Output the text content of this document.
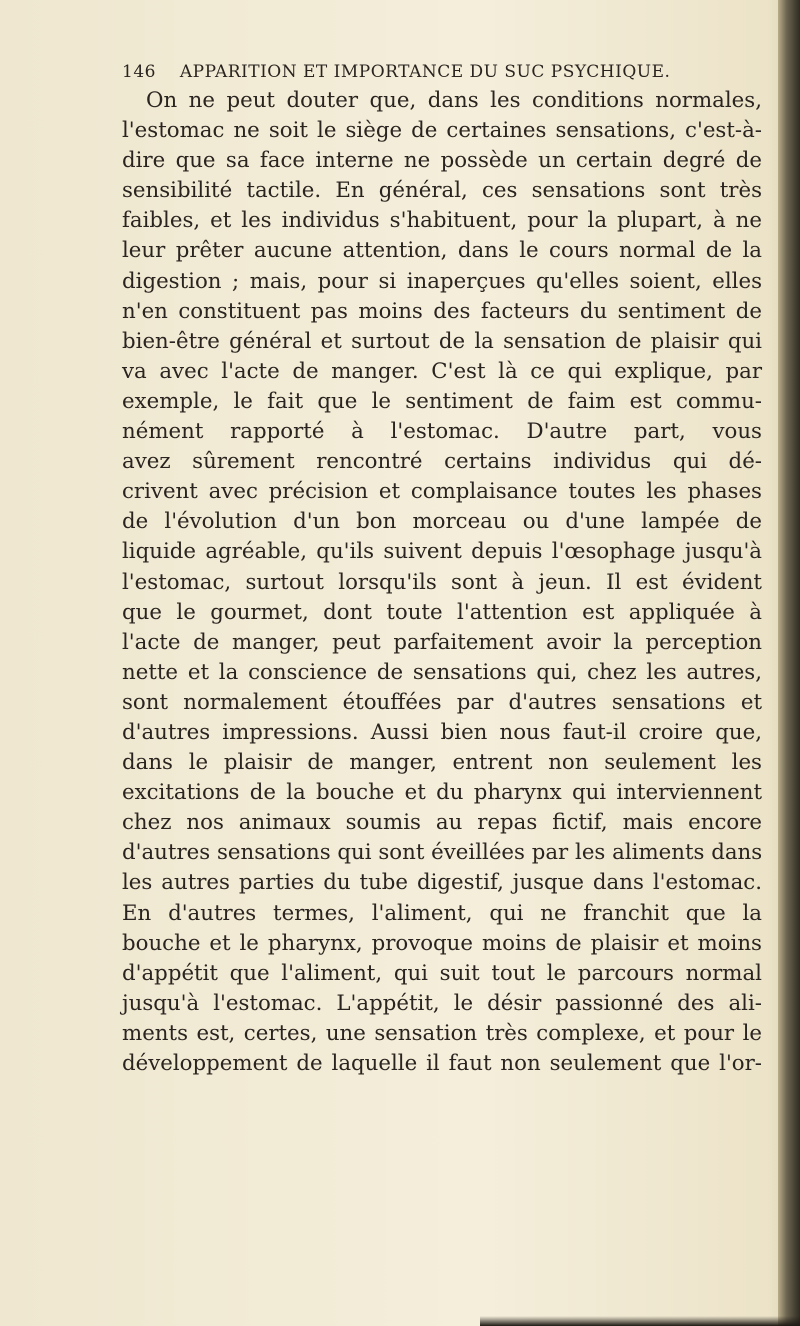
146 APPARITION ET IMPORTANCE DU SUC PSYCHIQUE.
On ne peut douter que, dans les conditions normales,
l'estomac ne soit le siège de certaines sensations, c'est-à-
dire que sa face interne ne possède un certain degré de
sensibilité tactile. En général, ces sensations sont très
faibles, et les individus s'habituent, pour la plupart, à ne
leur prêter aucune attention, dans le cours normal de la
digestion ; mais, pour si inaperçues qu'elles soient, elles
n'en constituent pas moins des facteurs du sentiment de
bien-être général et surtout de la sensation de plaisir qui
va avec l'acte de manger. C'est là ce qui explique, par
exemple, le fait que le sentiment de faim est commu-
nément rapporté à l'estomac. D'autre part, vous
avez sûrement rencontré certains individus qui dé-
crivent avec précision et complaisance toutes les phases
de l'évolution d'un bon morceau ou d'une lampée de
liquide agréable, qu'ils suivent depuis l'œsophage jusqu'à
l'estomac, surtout lorsqu'ils sont à jeun. Il est évident
que le gourmet, dont toute l'attention est appliquée à
l'acte de manger, peut parfaitement avoir la perception
nette et la conscience de sensations qui, chez les autres,
sont normalement étouffées par d'autres sensations et
d'autres impressions. Aussi bien nous faut-il croire que,
dans le plaisir de manger, entrent non seulement les
excitations de la bouche et du pharynx qui interviennent
chez nos animaux soumis au repas fictif, mais encore
d'autres sensations qui sont éveillées par les aliments dans
les autres parties du tube digestif, jusque dans l'estomac.
En d'autres termes, l'aliment, qui ne franchit que la
bouche et le pharynx, provoque moins de plaisir et moins
d'appétit que l'aliment, qui suit tout le parcours normal
jusqu'à l'estomac. L'appétit, le désir passionné des ali-
ments est, certes, une sensation très complexe, et pour le
développement de laquelle il faut non seulement que l'or-
